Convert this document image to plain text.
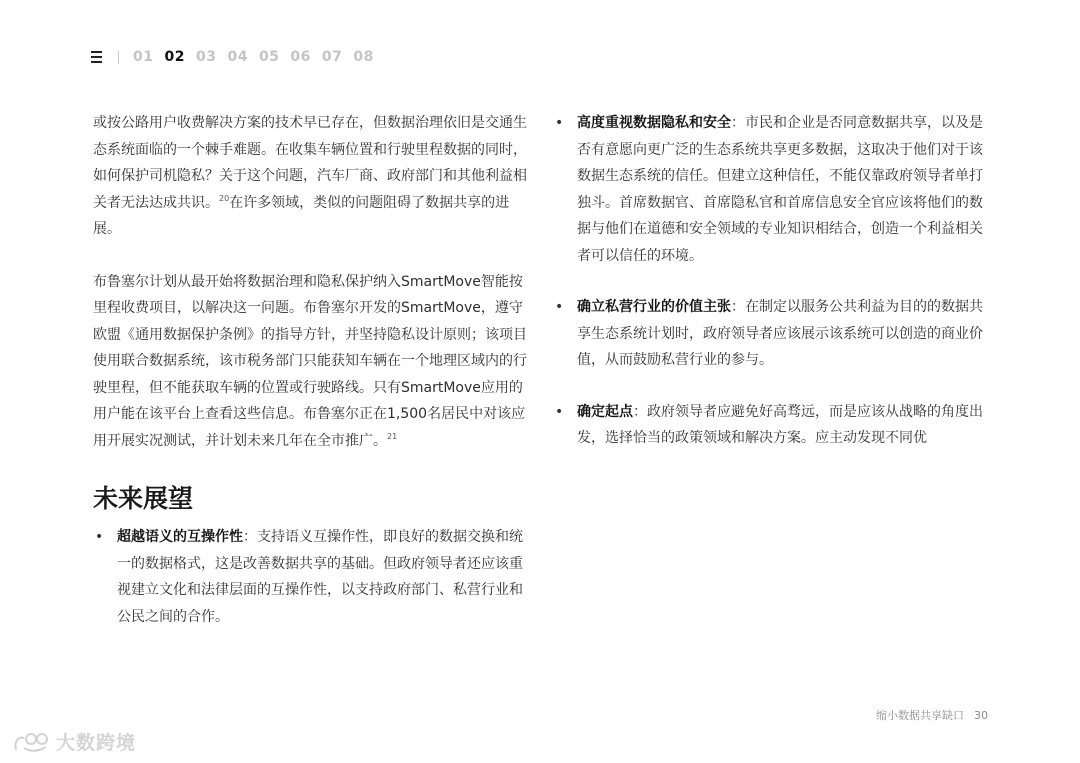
01 02 03 04 05 06 07 08

或按公路用户收费解决方案的技术早已存在，但数据治理依旧是交通生态系统面临的一个棘手难题。在收集车辆位置和行驶里程数据的同时，如何保护司机隐私？关于这个问题，汽车厂商、政府部门和其他利益相关者无法达成共识。$^{20}$在许多领域，类似的问题阻碍了数据共享的进展。

布鲁塞尔计划从最开始将数据治理和隐私保护纳入SmartMove智能按里程收费项目，以解决这一问题。布鲁塞尔开发的SmartMove，遵守欧盟《通用数据保护条例》的指导方针，并坚持隐私设计原则；该项目使用联合数据系统，该市税务部门只能获知车辆在一个地理区域内的行驶里程，但不能获取车辆的位置或行驶路线。只有SmartMove应用的用户能在该平台上查看这些信息。布鲁塞尔正在1,500名居民中对该应用开展实况测试，并计划未来几年在全市推广。$^{21}$

未来展望
• 超越语义的互操作性：支持语义互操作性，即良好的数据交换和统一的数据格式，这是改善数据共享的基础。但政府领导者还应该重视建立文化和法律层面的互操作性，以支持政府部门、私营行业和公民之间的合作。
• 高度重视数据隐私和安全：市民和企业是否同意数据共享，以及是否有意愿向更广泛的生态系统共享更多数据，这取决于他们对于该数据生态系统的信任。但建立这种信任，不能仅靠政府领导者单打独斗。首席数据官、首席隐私官和首席信息安全官应该将他们的数据与他们在道德和安全领域的专业知识相结合，创造一个利益相关者可以信任的环境。
• 确立私营行业的价值主张：在制定以服务公共利益为目的的数据共享生态系统计划时，政府领导者应该展示该系统可以创造的商业价值，从而鼓励私营行业的参与。
• 确定起点：政府领导者应避免好高骛远，而是应该从战略的角度出发，选择恰当的政策领域和解决方案。应主动发现不同优
缩小数据共享缺口 30
大数跨境
